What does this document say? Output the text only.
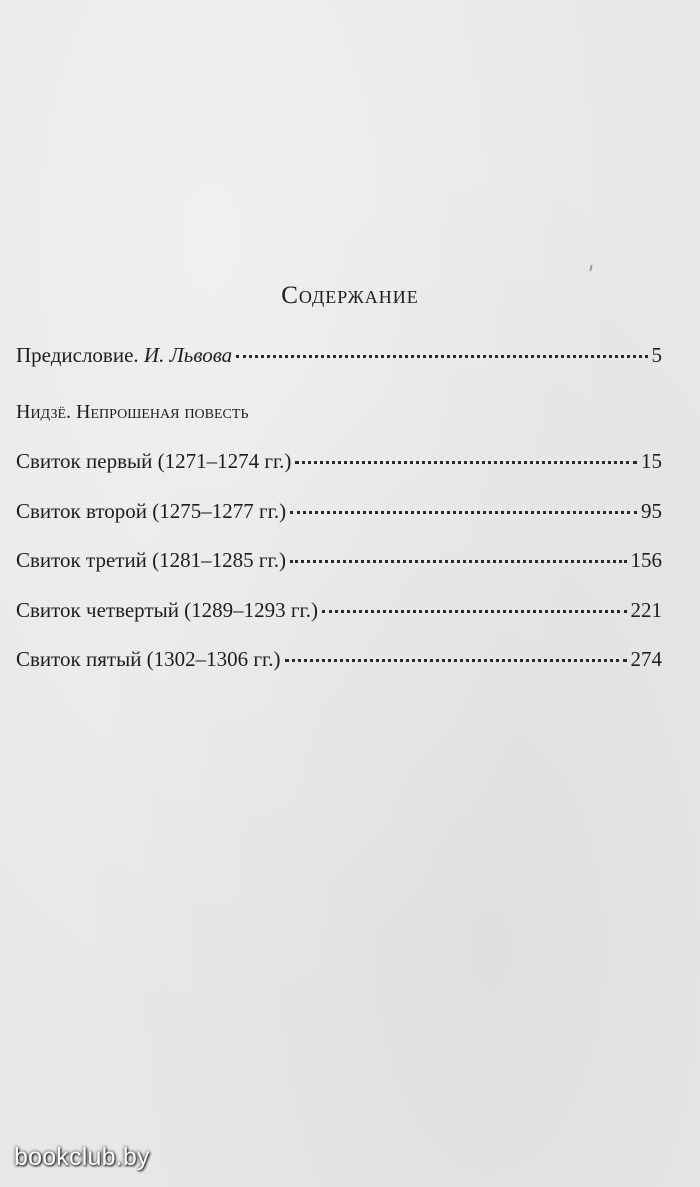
Содержание
Предисловие. И. Львова	5
Нидзё. Непрошеная повесть
Свиток первый (1271–1274 гг.)	15
Свиток второй (1275–1277 гг.)	95
Свиток третий (1281–1285 гг.)	156
Свиток четвертый (1289–1293 гг.)	221
Свиток пятый (1302–1306 гг.)	274
bookclub.by
